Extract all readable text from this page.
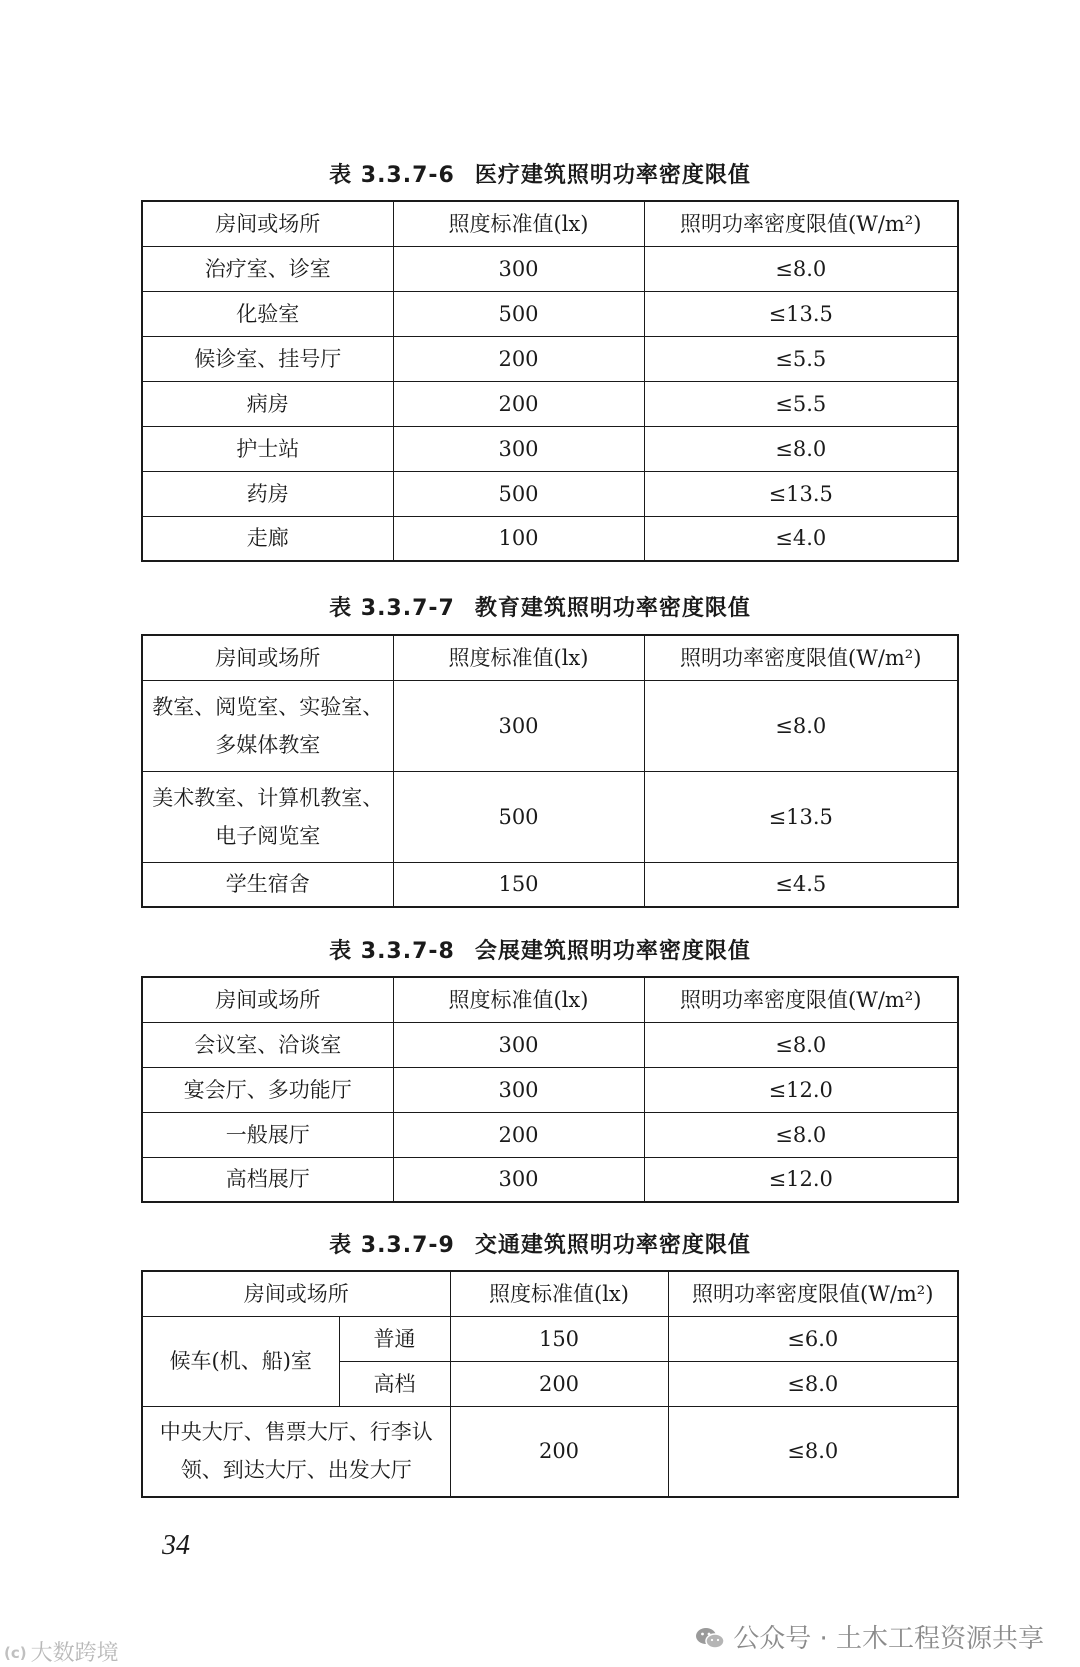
表 3.3.7-6 医疗建筑照明功率密度限值
房间或场所	照度标准值(lx)	照明功率密度限值(W/m²)
治疗室、诊室	300	≤8.0
化验室	500	≤13.5
候诊室、挂号厅	200	≤5.5
病房	200	≤5.5
护士站	300	≤8.0
药房	500	≤13.5
走廊	100	≤4.0
表 3.3.7-7 教育建筑照明功率密度限值
房间或场所	照度标准值(lx)	照明功率密度限值(W/m²)
教室、阅览室、实验室、多媒体教室	300	≤8.0
美术教室、计算机教室、电子阅览室	500	≤13.5
学生宿舍	150	≤4.5
表 3.3.7-8 会展建筑照明功率密度限值
房间或场所	照度标准值(lx)	照明功率密度限值(W/m²)
会议室、洽谈室	300	≤8.0
宴会厅、多功能厅	300	≤12.0
一般展厅	200	≤8.0
高档展厅	300	≤12.0
表 3.3.7-9 交通建筑照明功率密度限值
房间或场所		照度标准值(lx)	照明功率密度限值(W/m²)
候车(机、船)室	普通	150	≤6.0
	高档	200	≤8.0
中央大厅、售票大厅、行李认领、到达大厅、出发大厅		200	≤8.0
34
公众号 · 土木工程资源共享
(c) 大数跨境
